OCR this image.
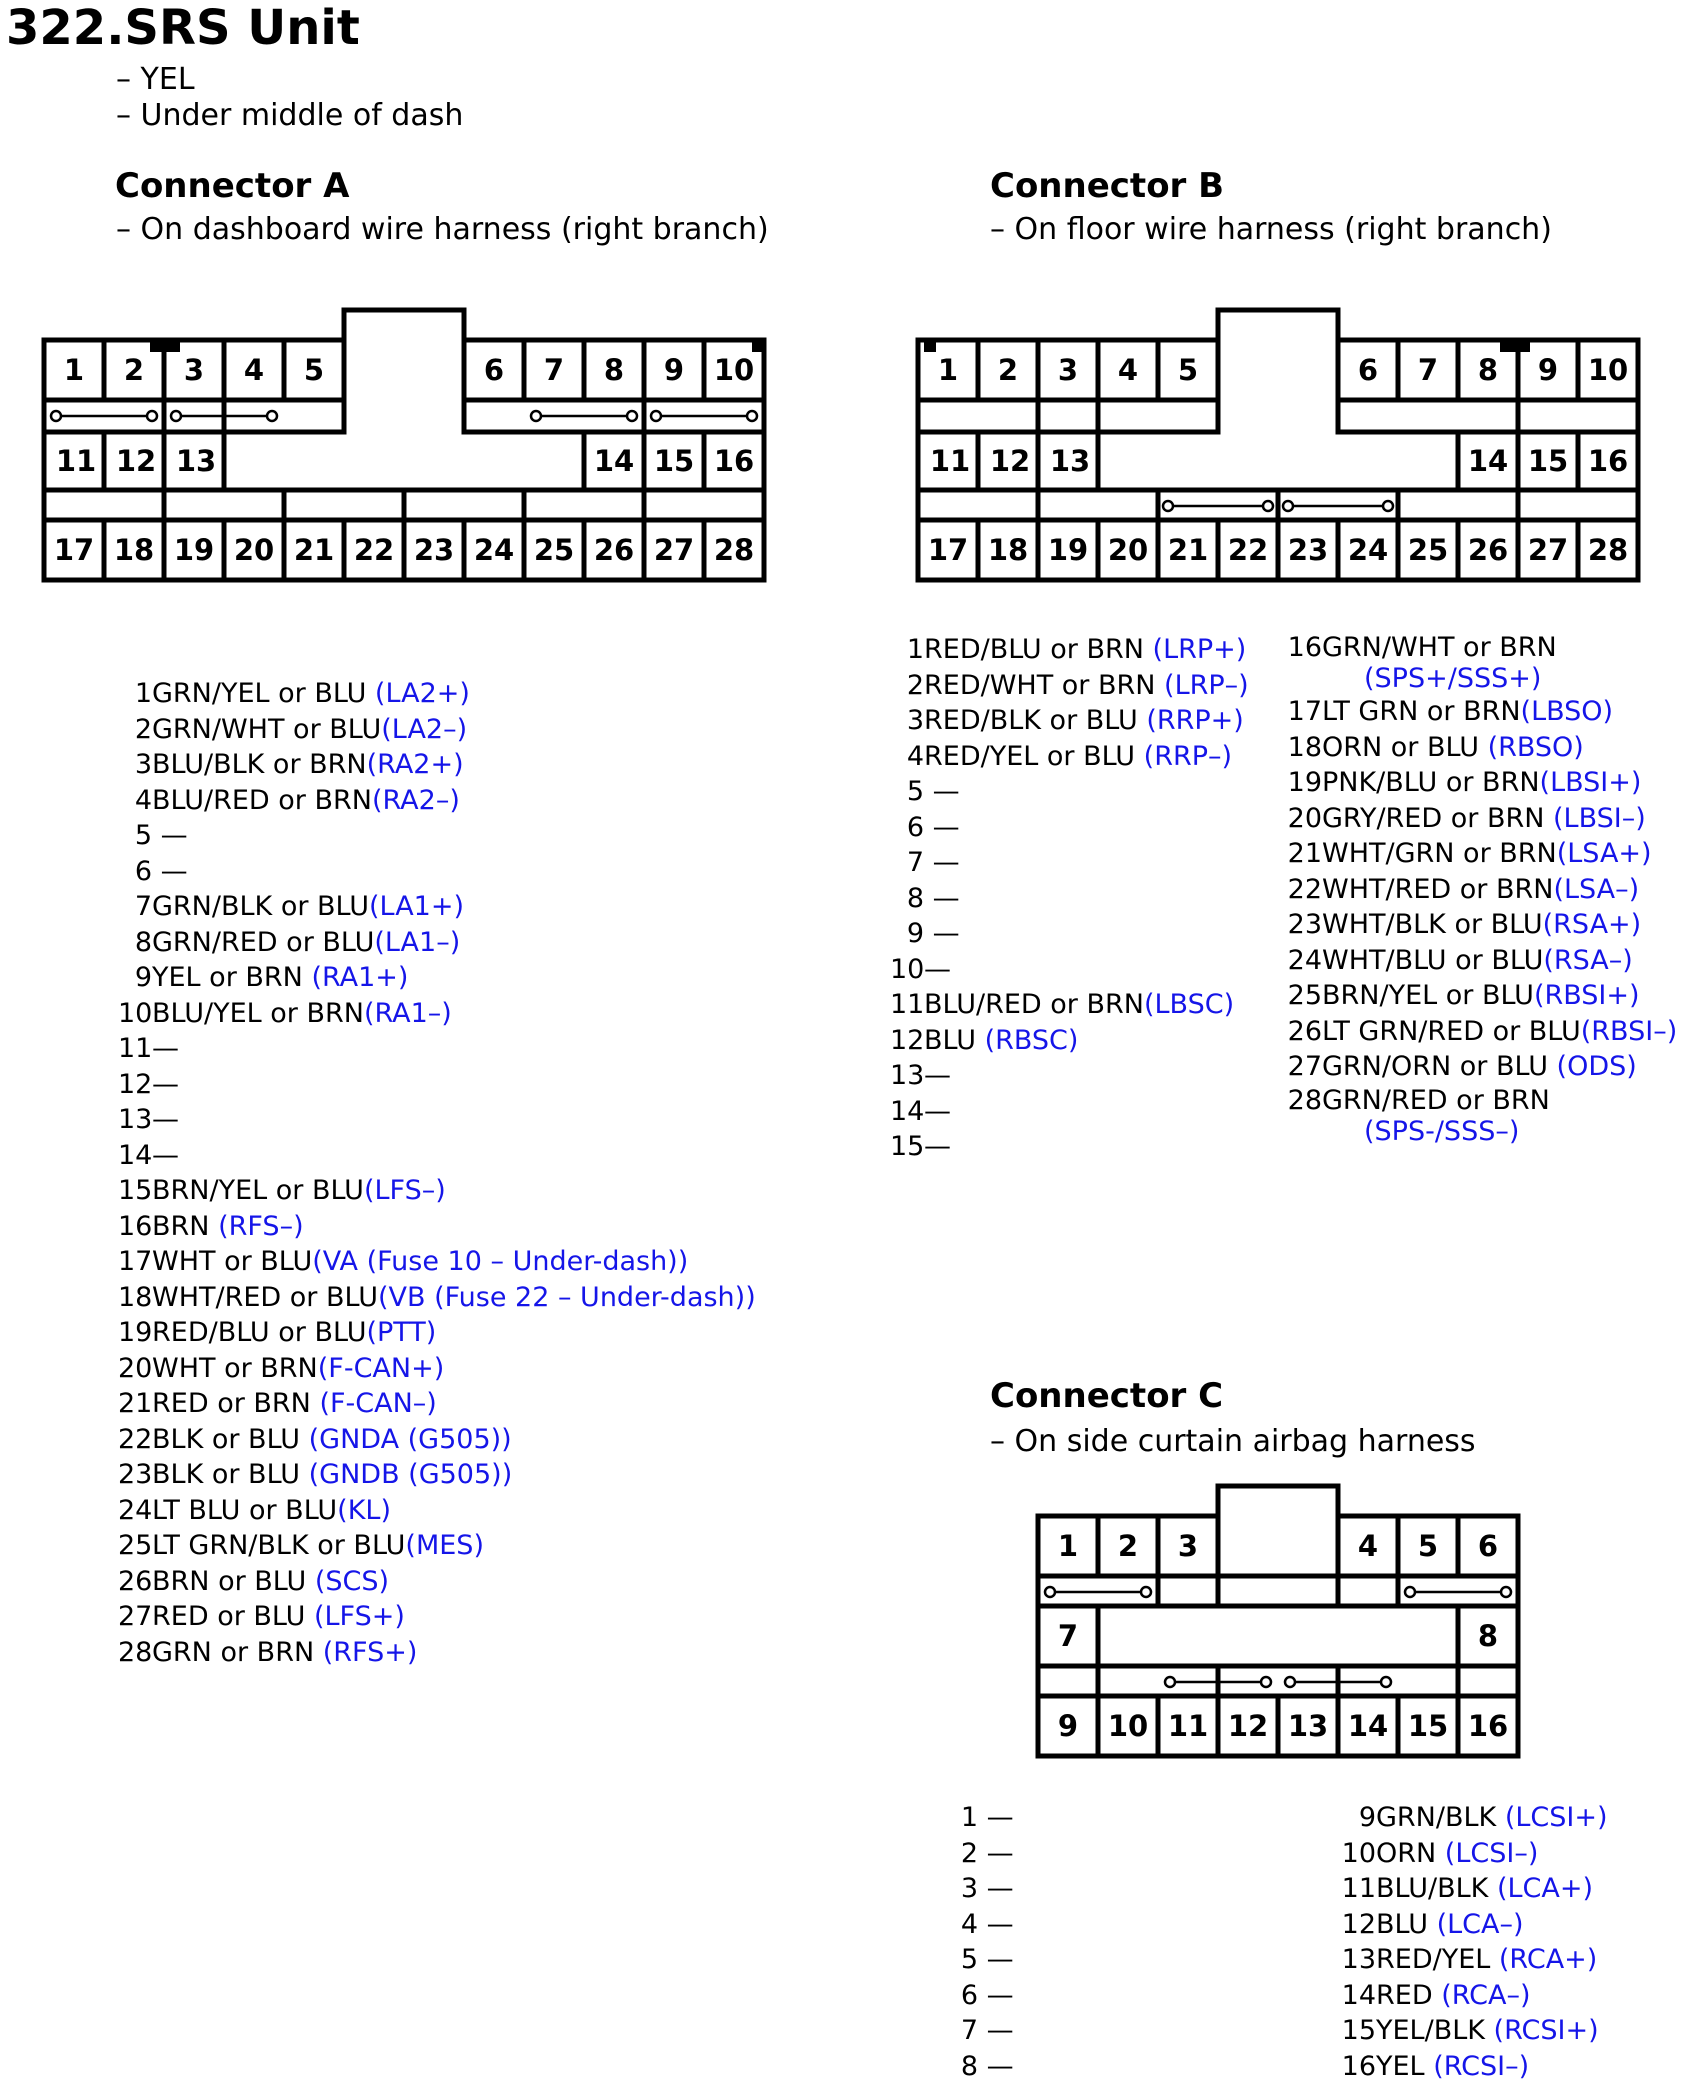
322.SRS Unit
– YEL
– Under middle of dash
Connector A
– On dashboard wire harness (right branch)
Connector B
– On floor wire harness (right branch)
Connector C
– On side curtain airbag harness
1 2 3 4 5	6 7 8 9 10
11 12 13	14 15 16
17 18 19 20 21 22 23 24 25 26 27 28
1 2 3 4 5	6 7 8 9 10
11 12 13	14 15 16
17 18 19 20 21 22 23 24 25 26 27 28
1 2 3	4 5 6
7	8
9 10 11 12 13 14 15 16
1GRN/YEL or BLU (LA2+)
2GRN/WHT or BLU(LA2–)
3BLU/BLK or BRN(RA2+)
4BLU/RED or BRN(RA2–)
5 —
6 —
7GRN/BLK or BLU(LA1+)
8GRN/RED or BLU(LA1–)
9YEL or BRN (RA1+)
10BLU/YEL or BRN(RA1–)
11—
12—
13—
14—
15BRN/YEL or BLU(LFS–)
16BRN (RFS–)
17WHT or BLU(VA (Fuse 10 – Under-dash))
18WHT/RED or BLU(VB (Fuse 22 – Under-dash))
19RED/BLU or BLU(PTT)
20WHT or BRN(F-CAN+)
21RED or BRN (F-CAN–)
22BLK or BLU (GNDA (G505))
23BLK or BLU (GNDB (G505))
24LT BLU or BLU(KL)
25LT GRN/BLK or BLU(MES)
26BRN or BLU (SCS)
27RED or BLU (LFS+)
28GRN or BRN (RFS+)
1RED/BLU or BRN (LRP+)
2RED/WHT or BRN (LRP–)
3RED/BLK or BLU (RRP+)
4RED/YEL or BLU (RRP–)
5 —
6 —
7 —
8 —
9 —
10—
11BLU/RED or BRN(LBSC)
12BLU (RBSC)
13—
14—
15—
16GRN/WHT or BRN
(SPS+/SSS+)
17LT GRN or BRN(LBSO)
18ORN or BLU (RBSO)
19PNK/BLU or BRN(LBSI+)
20GRY/RED or BRN (LBSI–)
21WHT/GRN or BRN(LSA+)
22WHT/RED or BRN(LSA–)
23WHT/BLK or BLU(RSA+)
24WHT/BLU or BLU(RSA–)
25BRN/YEL or BLU(RBSI+)
26LT GRN/RED or BLU(RBSI–)
27GRN/ORN or BLU (ODS)
28GRN/RED or BRN
(SPS-/SSS–)
1 —
2 —
3 —
4 —
5 —
6 —
7 —
8 —
9GRN/BLK (LCSI+)
10ORN (LCSI–)
11BLU/BLK (LCA+)
12BLU (LCA–)
13RED/YEL (RCA+)
14RED (RCA–)
15YEL/BLK (RCSI+)
16YEL (RCSI–)
